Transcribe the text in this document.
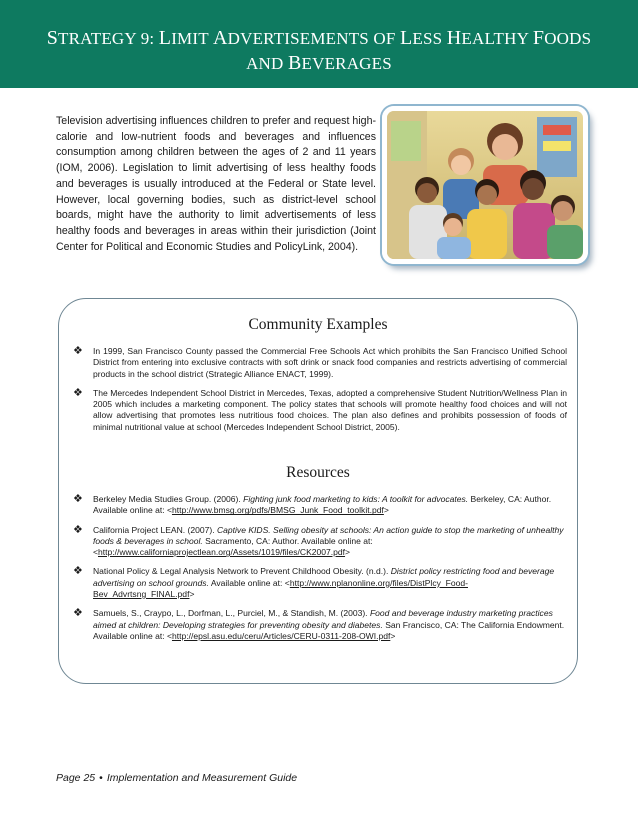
STRATEGY 9: LIMIT ADVERTISEMENTS OF LESS HEALTHY FOODS
AND BEVERAGES
Television advertising influences children to prefer and request high-calorie and low-nutrient foods and beverages and influences consumption among children between the ages of 2 and 11 years (IOM, 2006). Legislation to limit advertising of less healthy foods and beverages is usually introduced at the Federal or State level. However, local governing bodies, such as district-level school boards, might have the authority to limit advertisements of less healthy foods and beverages in areas within their jurisdiction (Joint Center for Political and Economic Studies and PolicyLink, 2004).
Community Examples
❖ In 1999, San Francisco County passed the Commercial Free Schools Act which prohibits the San Francisco Unified School District from entering into exclusive contracts with soft drink or snack food companies and restricts advertising of commercial products in the school district (Strategic Alliance ENACT, 1999).
❖ The Mercedes Independent School District in Mercedes, Texas, adopted a comprehensive Student Nutrition/Wellness Plan in 2005 which includes a marketing component. The policy states that schools will promote healthy food choices and will not allow advertising that promotes less nutritious food choices. The plan also defines and prohibits possession of foods of minimal nutritional value at school (Mercedes Independent School District, 2005).
Resources
❖ Berkeley Media Studies Group. (2006). Fighting junk food marketing to kids: A toolkit for advocates. Berkeley, CA: Author. Available online at: <http://www.bmsg.org/pdfs/BMSG_Junk_Food_toolkit.pdf>
❖ California Project LEAN. (2007). Captive KIDS. Selling obesity at schools: An action guide to stop the marketing of unhealthy foods & beverages in school. Sacramento, CA: Author. Available online at: <http://www.californiaprojectlean.org/Assets/1019/files/CK2007.pdf>
❖ National Policy & Legal Analysis Network to Prevent Childhood Obesity. (n.d.). District policy restricting food and beverage advertising on school grounds. Available online at: <http://www.nplanonline.org/files/DistPlcy_Food-Bev_Advrtsng_FINAL.pdf>
❖ Samuels, S., Craypo, L., Dorfman, L., Purciel, M., & Standish, M. (2003). Food and beverage industry marketing practices aimed at children: Developing strategies for preventing obesity and diabetes. San Francisco, CA: The California Endowment. Available online at: <http://epsl.asu.edu/ceru/Articles/CERU-0311-208-OWI.pdf>
Page 25 • Implementation and Measurement Guide
